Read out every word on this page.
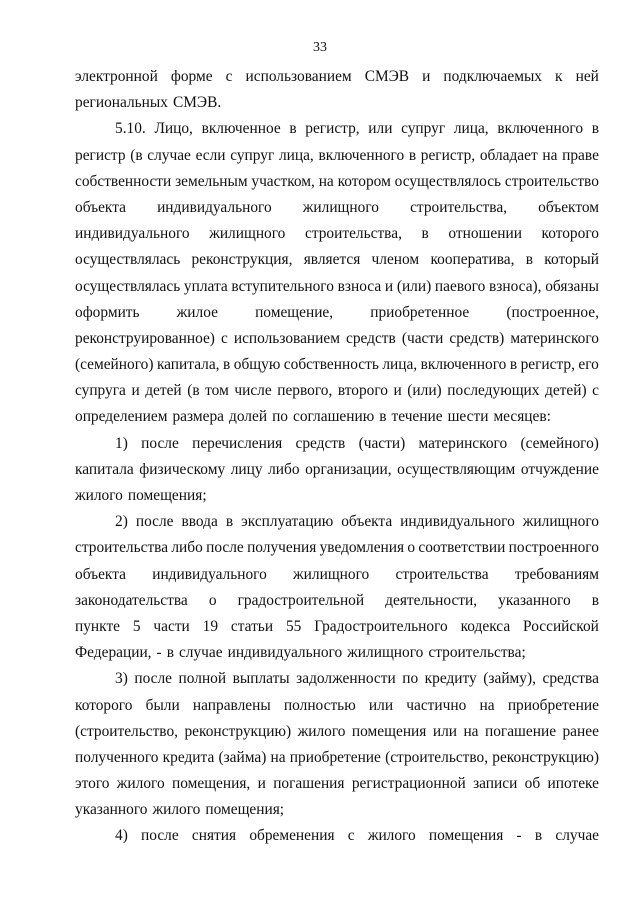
33
электронной форме с использованием СМЭВ и подключаемых к ней
региональных СМЭВ.
5.10. Лицо, включенное в регистр, или супруг лица, включенного в
регистр (в случае если супруг лица, включенного в регистр, обладает на праве
собственности земельным участком, на котором осуществлялось строительство
объекта индивидуального жилищного строительства, объектом
индивидуального жилищного строительства, в отношении которого
осуществлялась реконструкция, является членом кооператива, в который
осуществлялась уплата вступительного взноса и (или) паевого взноса), обязаны
оформить жилое помещение, приобретенное (построенное,
реконструированное) с использованием средств (части средств) материнского
(семейного) капитала, в общую собственность лица, включенного в регистр, его
супруга и детей (в том числе первого, второго и (или) последующих детей) с
определением размера долей по соглашению в течение шести месяцев:
1) после перечисления средств (части) материнского (семейного)
капитала физическому лицу либо организации, осуществляющим отчуждение
жилого помещения;
2) после ввода в эксплуатацию объекта индивидуального жилищного
строительства либо после получения уведомления о соответствии построенного
объекта индивидуального жилищного строительства требованиям
законодательства о градостроительной деятельности, указанного в
пункте 5 части 19 статьи 55 Градостроительного кодекса Российской
Федерации, - в случае индивидуального жилищного строительства;
3) после полной выплаты задолженности по кредиту (займу), средства
которого были направлены полностью или частично на приобретение
(строительство, реконструкцию) жилого помещения или на погашение ранее
полученного кредита (займа) на приобретение (строительство, реконструкцию)
этого жилого помещения, и погашения регистрационной записи об ипотеке
указанного жилого помещения;
4) после снятия обременения с жилого помещения - в случае
